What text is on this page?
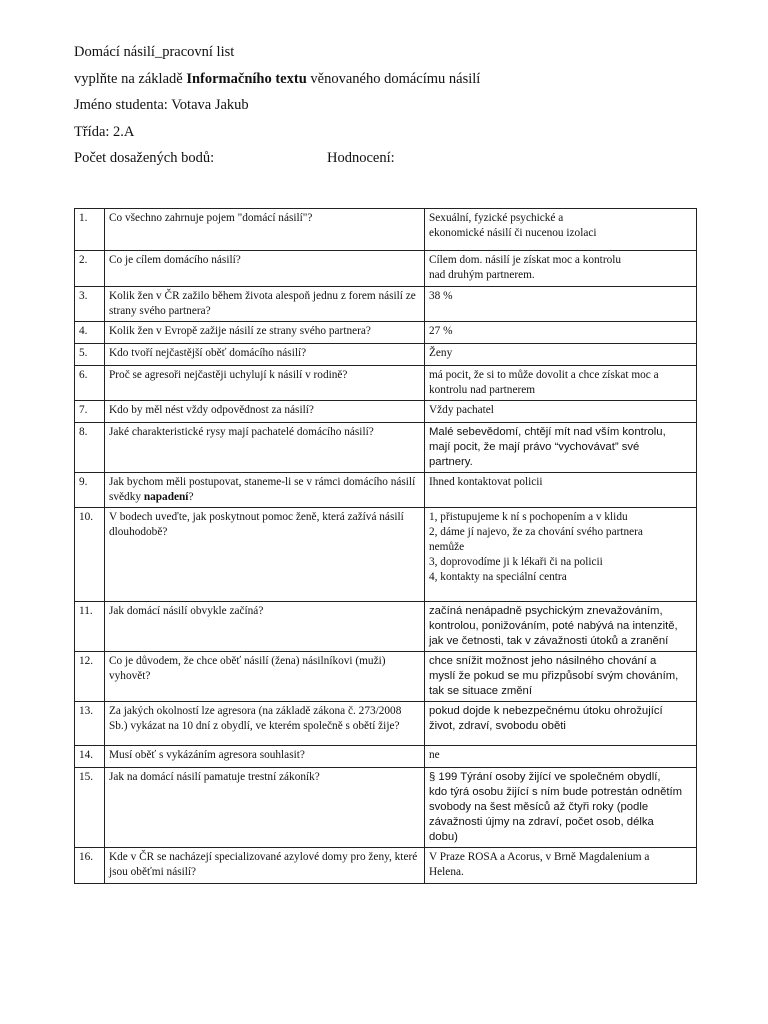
Domácí násilí_pracovní list
vyplňte na základě Informačního textu věnovaného domácímu násilí
Jméno studenta: Votava Jakub
Třída: 2.A
Počet dosažených bodů:	Hodnocení:
1.	Co všechno zahrnuje pojem "domácí násilí"?	Sexuální, fyzické psychické a
ekonomické násilí či nucenou izolaci

2.	Co je cílem domácího násilí?	Cílem dom. násilí je získat moc a kontrolu
nad druhým partnerem.

3.	Kolik žen v ČR zažilo během života alespoň jednu z forem násilí ze strany svého partnera?	38 %

4.	Kolik žen v Evropě zažije násilí ze strany svého partnera?	27 %

5.	Kdo tvoří nejčastější oběť domácího násilí?	Ženy

6.	Proč se agresoři nejčastěji uchylují k násilí v rodině?	má pocit, že si to může dovolit a chce získat moc a
kontrolu nad partnerem

7.	Kdo by měl nést vždy odpovědnost za násilí?	Vždy pachatel

8.	Jaké charakteristické rysy mají pachatelé domácího násilí?	Malé sebevědomí, chtějí mít nad vším kontrolu,
mají pocit, že mají právo “vychovávat” své
partnery.

9.	Jak bychom měli postupovat, staneme-li se v rámci domácího násilí svědky napadení?	Ihned kontaktovat policii

10.	V bodech uveďte, jak poskytnout pomoc ženě, která zažívá násilí dlouhodobě?	1, přistupujeme k ní s pochopením a v klidu
2, dáme jí najevo, že za chování svého partnera
nemůže
3, doprovodíme ji k lékaři či na policii
4, kontakty na speciální centra

11.	Jak domácí násilí obvykle začíná?	začíná nenápadně psychickým znevažováním,
kontrolou, ponižováním, poté nabývá na intenzitě,
jak ve četnosti, tak v závažnosti útoků a zranění

12.	Co je důvodem, že chce oběť násilí (žena) násilníkovi (muži) vyhovět?	chce snížit možnost jeho násilného chování a
myslí že pokud se mu přizpůsobí svým chováním,
tak se situace změní

13.	Za jakých okolností lze agresora (na základě zákona č. 273/2008 Sb.) vykázat na 10 dní z obydlí, ve kterém společně s obětí žije?	pokud dojde k nebezpečnému útoku ohrožující
život, zdraví, svobodu oběti

14.	Musí oběť s vykázáním agresora souhlasit?	ne

15.	Jak na domácí násilí pamatuje trestní zákoník?	§ 199 Týrání osoby žijící ve společném obydlí,
kdo týrá osobu žijící s ním bude potrestán odnětím
svobody na šest měsíců až čtyři roky (podle
závažnosti újmy na zdraví, počet osob, délka
dobu)

16.	Kde v ČR se nacházejí specializované azylové domy pro ženy, které jsou oběťmi násilí?	V Praze ROSA a Acorus, v Brně Magdalenium a
Helena.
